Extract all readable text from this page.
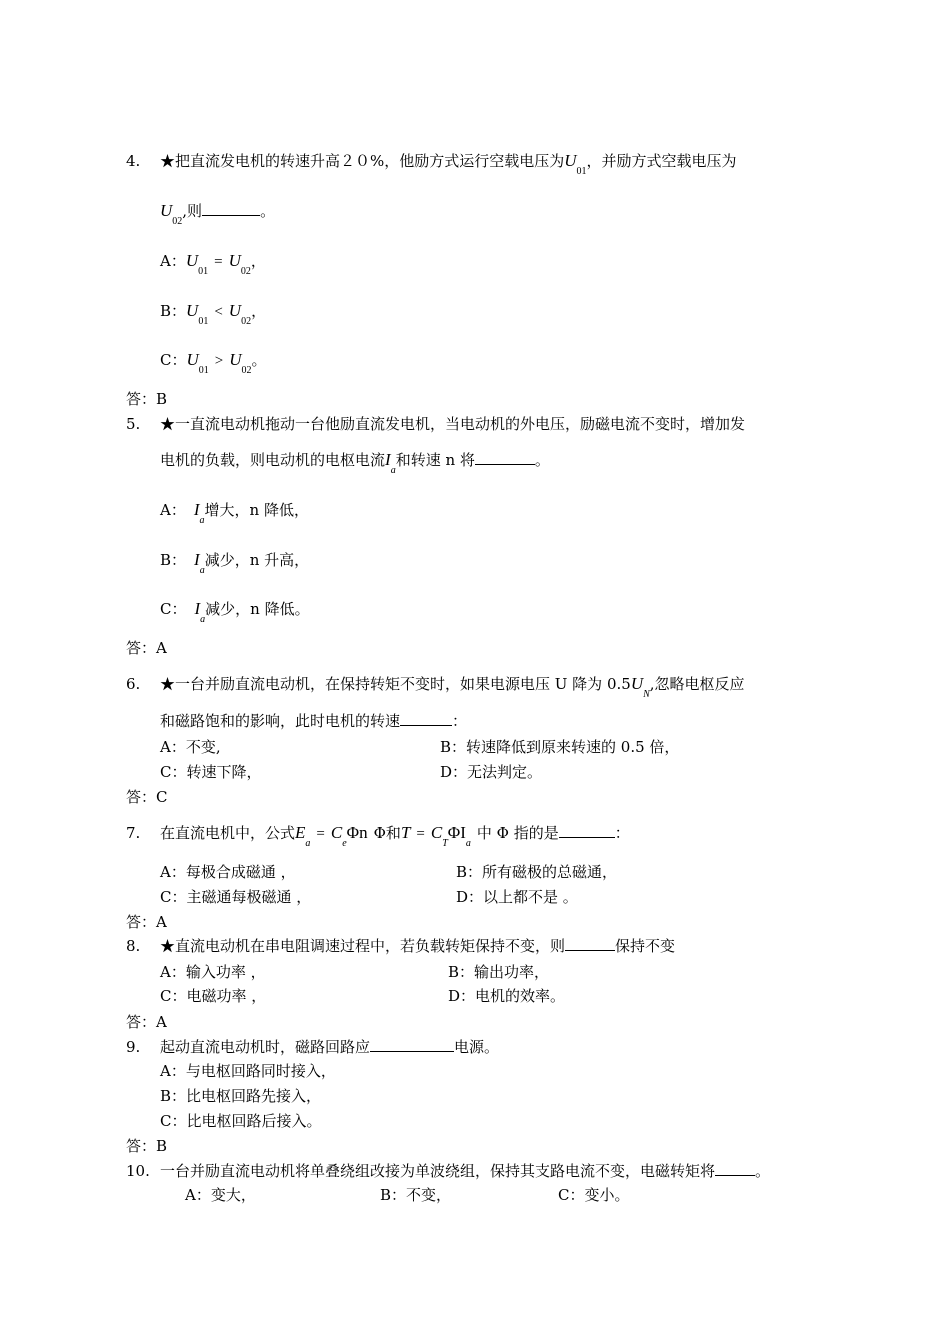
4. ★把直流发电机的转速升高２０%，他励方式运行空载电压为$U_{01}$，并励方式空载电压为
$U_{02}$,则	。
A：$U_{01}= U_{02}$，
B：$U_{01}< U_{02}$，
C：$U_{01}> U_{02}$。
答：B
5. ★一直流电动机拖动一台他励直流发电机，当电动机的外电压，励磁电流不变时，增加发
电机的负载，则电动机的电枢电流$I_a$和转速 n 将	。
A： $I_a$增大，n 降低，
B： $I_a$减少，n 升高，
C： $I_a$减少，n 降低。
答：A
6. ★一台并励直流电动机，在保持转矩不变时，如果电源电压 U 降为 $0.5U_N$,忽略电枢反应
和磁路饱和的影响，此时电机的转速	：
A：不变,	B：转速降低到原来转速的 0.5 倍，
C：转速下降，	D：无法判定。
答：C
7. 在直流电机中，公式$E_a= C_e\Phi n$ Φ和$T = C_T\Phi I_a$中 Φ 指的是	：
A：每极合成磁通 ，	B：所有磁极的总磁通，
C：主磁通每极磁通 ，	D：以上都不是 。
答：A
8. ★直流电动机在串电阻调速过程中，若负载转矩保持不变，则	保持不变
A：输入功率 ，	B：输出功率，
C：电磁功率 ，	D：电机的效率。
答：A
9. 起动直流电动机时，磁路回路应	电源。
A：与电枢回路同时接入，
B：比电枢回路先接入，
C：比电枢回路后接入。
答：B
10. 一台并励直流电动机将单叠绕组改接为单波绕组，保持其支路电流不变，电磁转矩将	。
A：变大，	B：不变，	C：变小。
